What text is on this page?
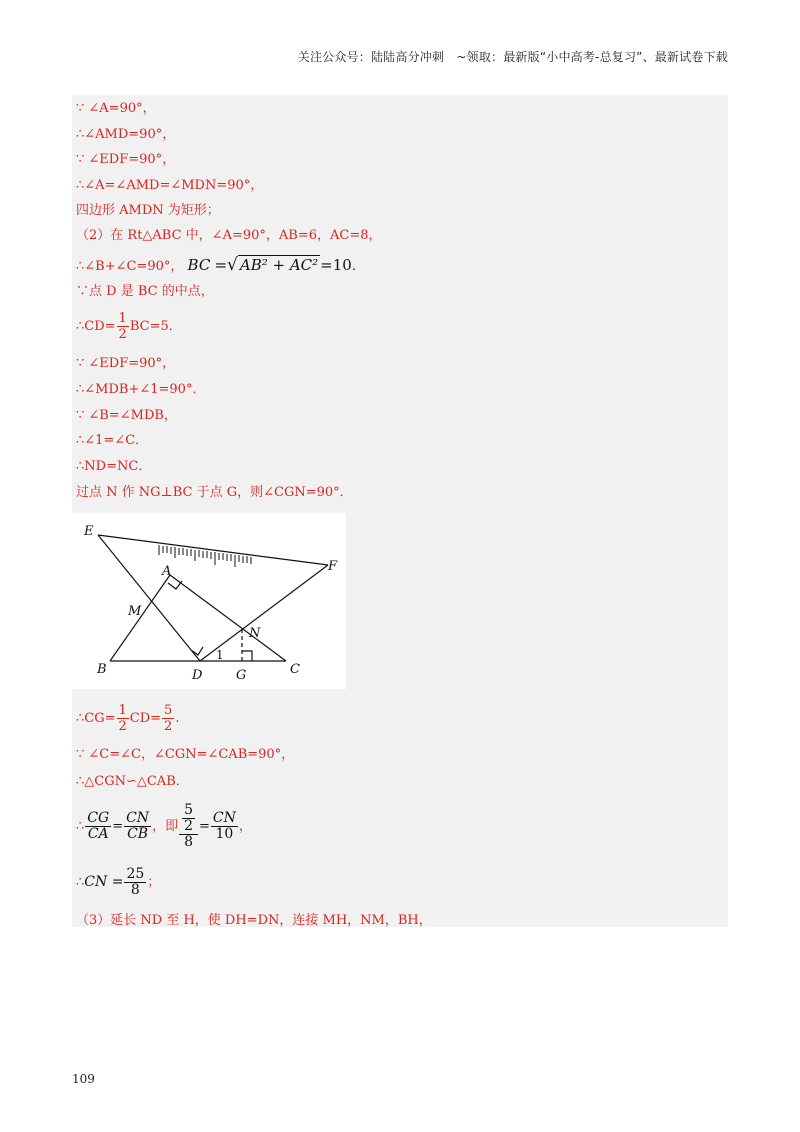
关注公众号：陆陆高分冲刺　~领取：最新版“小中高考-总复习”、最新试卷下载
∵ ∠A=90°，
∴∠AMD=90°，
∵ ∠EDF=90°，
∴∠A=∠AMD=∠MDN=90°，
四边形 AMDN 为矩形；
（2）在 Rt△ABC 中，∠A=90°，AB=6，AC=8，
∴∠B+∠C=90°， BC =√ AB² + AC² =10.
∵点 D 是 BC 的中点，
∴CD= $\frac{1}{2} BC=5$．
∵ ∠EDF=90°，
∴∠MDB+∠1=90°．
∵ ∠B=∠MDB，
∴∠1=∠C．
∴ND=NC．
过点 N 作 NG⊥BC 于点 G，则∠CGN=90°．
E
F
A
M
N
B	D	G	C
1
∴CG= $\frac{1}{2} CD= \frac{5}{2}$ .
∵ ∠C=∠C，∠CGN=∠CAB=90°，
∴△CGN∽△CAB．
∴ $\frac{CG}{CA} = \frac{CN}{CB}$ ，即 $\frac{\frac{5}{2}}{8} = \frac{CN}{10}$ ，
∴CN = $\frac{25}{8}$ ；
（3）延长 ND 至 H，使 DH=DN，连接 MH，NM，BH，
109
